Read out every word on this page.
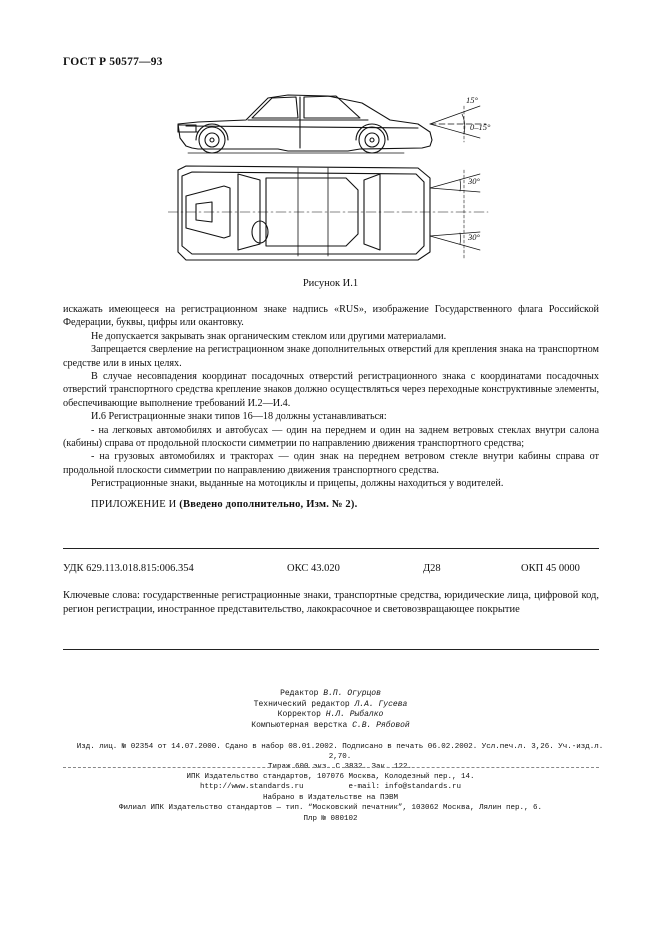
ГОСТ Р 50577—93
15°
0–15°
30°
30°
Рисунок И.1

искажать имеющееся на регистрационном знаке надпись «RUS», изображение Государственного флага Российской Федерации, буквы, цифры или окантовку.

Не допускается закрывать знак органическим стеклом или другими материалами.

Запрещается сверление на регистрационном знаке дополнительных отверстий для крепления знака на транспортном средстве или в иных целях.

В случае несовпадения координат посадочных отверстий регистрационного знака с координатами посадочных отверстий транспортного средства крепление знаков должно осуществляться через переходные конструктивные элементы, обеспечивающие выполнение требований И.2—И.4.

И.6 Регистрационные знаки типов 16—18 должны устанавливаться:

- на легковых автомобилях и автобусах — один на переднем и один на заднем ветровых стеклах внутри салона (кабины) справа от продольной плоскости симметрии по направлению движения транспортного средства;

- на грузовых автомобилях и тракторах — один знак на переднем ветровом стекле внутри кабины справа от продольной плоскости симметрии по направлению движения транспортного средства.

Регистрационные знаки, выданные на мотоциклы и прицепы, должны находиться у водителей.

ПРИЛОЖЕНИЕ И (Введено дополнительно, Изм. № 2).
УДК 629.113.018.815:006.354	ОКС 43.020	Д28	ОКП 45 0000
Ключевые слова: государственные регистрационные знаки, транспортные средства, юридические лица, цифровой код, регион регистрации, иностранное представительство, лакокрасочное и световозвращающее покрытие
Редактор В.П. Огурцов
Технический редактор Л.А. Гусева
Корректор Н.Л. Рыбалко
Компьютерная верстка С.В. Рябовой
Изд. лиц. № 02354 от 14.07.2000. Сдано в набор 08.01.2002. Подписано в печать 06.02.2002. Усл.печ.л. 3,26. Уч.-изд.л. 2,70.
Тираж 600 экз. С 3832. Зак. 122.
ИПК Издательство стандартов, 107076 Москва, Колодезный пер., 14.
http://www.standards.ru          e-mail: info@standards.ru
Набрано в Издательстве на ПЭВМ
Филиал ИПК Издательство стандартов — тип. “Московский печатник”, 103062 Москва, Лялин пер., 6.
Плр № 080102
